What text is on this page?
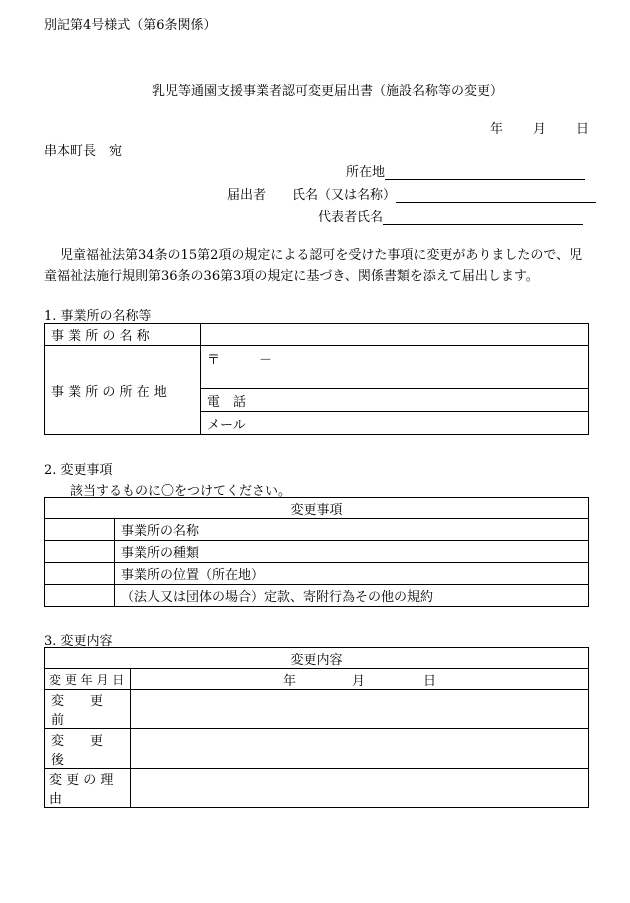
別記第4号様式（第6条関係）
乳児等通園支援事業者認可変更届出書（施設名称等の変更）
年 月 日
串本町長　宛
所在地
届出者 氏名（又は名称）
代表者氏名
児童福祉法第34条の15第2項の規定による認可を受けた事項に変更がありましたので、児
童福祉法施行規則第36条の36第3項の規定に基づき、関係書類を添えて届出します。
1. 事業所の名称等
事 業 所 の 名 称	
事 業 所 の 所 在 地	〒　　　－
	電　話
	メール
2. 変更事項
該当するものに〇をつけてください。
変更事項	
	事業所の名称
	事業所の種類
	事業所の位置（所在地）
	（法人又は団体の場合）定款、寄附行為その他の規約
3. 変更内容
変更内容	
変 更 年 月 日	年 月 日
変　　更　　前	
変　　更　　後	
変 更 の 理 由	
